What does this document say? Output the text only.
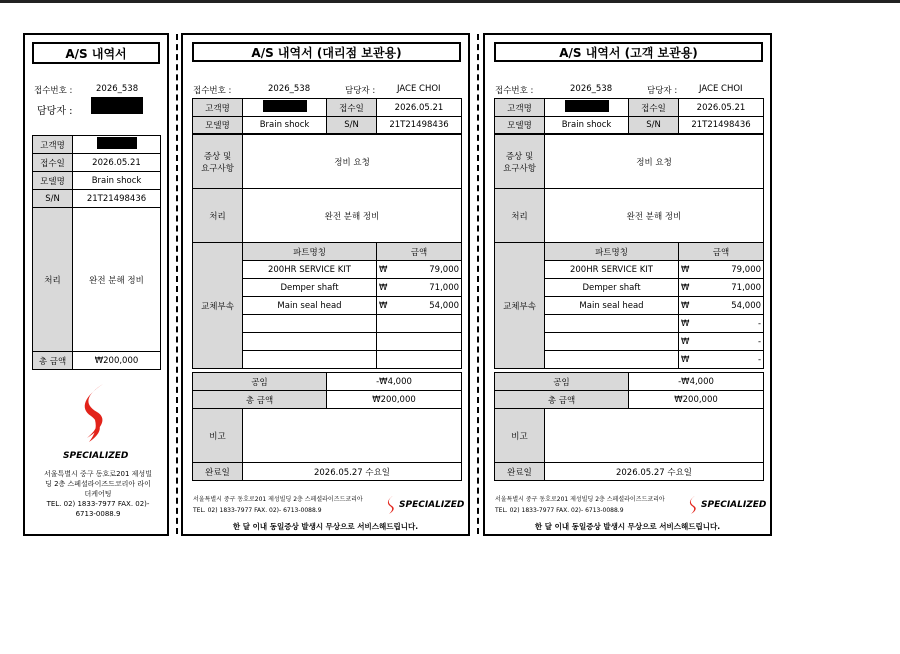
A/S 내역서
접수번호 :	2026_538
담당자 :
고객명	
접수일	2026.05.21
모델명	Brain shock
S/N	21T21498436
처리	완전 분해 정비
총 금액	₩200,000
SPECIALIZED
서울특별시 중구 동호로201 제성빌
딩 2층 스페셜라이즈드코리아 라이
더케어팅
TEL. 02) 1833-7977 FAX. 02)-
6713-0088.9
A/S 내역서 (대리점 보관용)
접수번호 :	2026_538	담당자 :	JACE CHOI
고객명		접수일	2026.05.21
모델명	Brain shock	S/N	21T21498436
증상 및
요구사항	정비 요청	
처리	완전 분해 정비	
교체부속	파트명칭	금액
	200HR SERVICE KIT	₩ 79,000

	Demper shaft	₩ 71,000

	Main seal head	₩ 54,000

공임	-₩4,000
총 금액	₩200,000
비고	
완료일	2026.05.27 수요일
서울특별시 중구 동호로201 제성빌딩 2층 스페셜라이즈드코리아
TEL. 02) 1833-7977 FAX. 02)- 6713-0088.9
SPECIALIZED
한 달 이내 동일증상 발생시 무상으로 서비스해드립니다.
A/S 내역서 (고객 보관용)
접수번호 :	2026_538	담당자 :	JACE CHOI
고객명		접수일	2026.05.21
모델명	Brain shock	S/N	21T21498436
증상 및
요구사항	정비 요청	
처리	완전 분해 정비	
교체부속	파트명칭	금액
	200HR SERVICE KIT	₩ 79,000

	Demper shaft	₩ 71,000

	Main seal head	₩ 54,000

		₩ -

		₩ -

		₩ -
공임	-₩4,000
총 금액	₩200,000
비고	
완료일	2026.05.27 수요일
서울특별시 중구 동호로201 제성빌딩 2층 스페셜라이즈드코리아
TEL. 02) 1833-7977 FAX. 02)- 6713-0088.9
SPECIALIZED
한 달 이내 동일증상 발생시 무상으로 서비스해드립니다.
